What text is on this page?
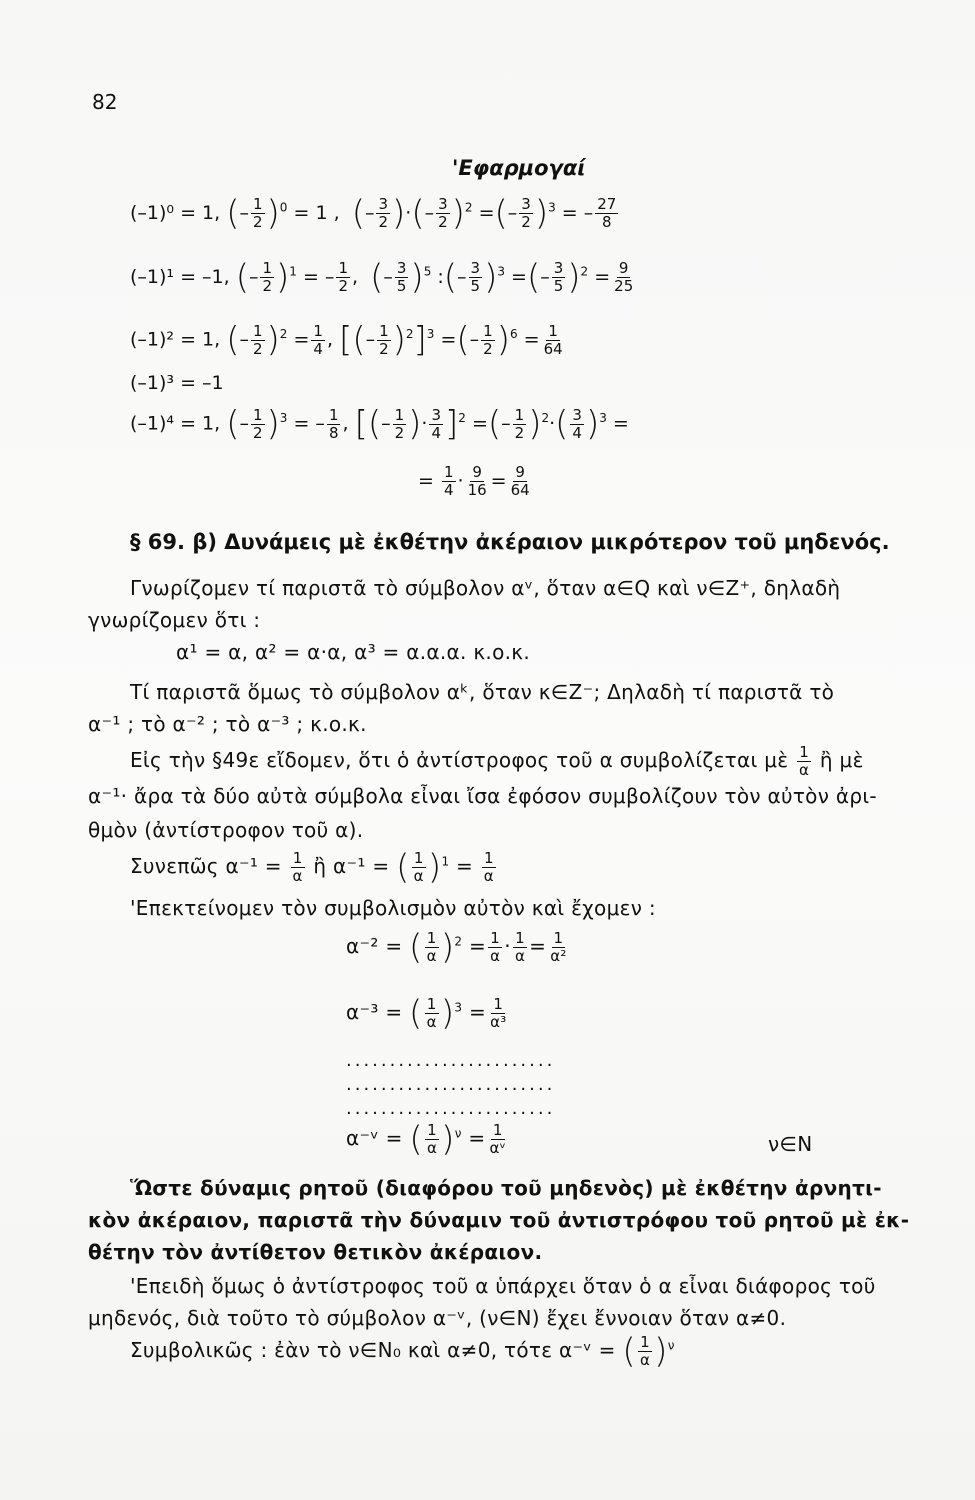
82
'Εφαρμογαί
(–1)⁰ = 1, (– $\frac{1}{2} )^0 = 1$ , (– $\frac{3}{2}$ )·(– $\frac{3}{2} )^2$ =(– $\frac{3}{2} )^3$ = – $\frac{27}{8}$
(–1)¹ = –1, (– $\frac{1}{2} )^1$ = – $\frac{1}{2}$ ,  (– $\frac{3}{5} )^5$ :(– $\frac{3}{5} )^3$ =(– $\frac{3}{5} )^2 = \frac{9}{25}$
(–1)² = 1, (– $\frac{1}{2} )^2 = \frac{1}{4}$ , [(– $\frac{1}{2} )^2]^3$ =(– $\frac{1}{2} )^6 = \frac{1}{64}$
(–1)³ = –1
(–1)⁴ = 1, (– $\frac{1}{2} )^3$ = – $\frac{1}{8}$ , [(– $\frac{1}{2}$ )· $\frac{3}{4} ]^2$ =(– $\frac{1}{2} )^2\cdot( \frac{3}{4} )^3$ =
= $\frac{1}{4} \cdot \frac{9}{16} = \frac{9}{64}$
§ 69. β) Δυνάμεις μὲ ἐκθέτην ἀκέραιον μικρότερον τοῦ μηδενός.
Γνωρίζομεν τί παριστᾶ τὸ σύμβολον αᵛ, ὅταν α∈Q καὶ ν∈Z⁺, δηλαδὴ
γνωρίζομεν ὅτι :
α¹ = α, α² = α·α, α³ = α.α.α. κ.ο.κ.
Τί παριστᾶ ὅμως τὸ σύμβολον αᵏ, ὅταν κ∈Z⁻; Δηλαδὴ τί παριστᾶ τὸ
α⁻¹ ; τὸ α⁻² ; τὸ α⁻³ ; κ.ο.κ.
Εἰς τὴν §49ε εἴδομεν, ὅτι ὁ ἀντίστροφος τοῦ α συμβολίζεται μὲ $\frac{1}{\alpha}$ ἢ μὲ
α⁻¹· ἄρα τὰ δύο αὐτὰ σύμβολα εἶναι ἴσα ἐφόσον συμβολίζουν τὸν αὐτὸν ἀρι-
θμὸν (ἀντίστροφον τοῦ α).
Συνεπῶς $\alpha^{-1} = \frac{1}{\alpha}$ ἢ α⁻¹ = ( $\frac{1}{\alpha} )^1 = \frac{1}{\alpha}$
'Επεκτείνομεν τὸν συμβολισμὸν αὐτὸν καὶ ἔχομεν :
α⁻² = ( $\frac{1}{\alpha} )^2 = \frac{1}{\alpha} \cdot \frac{1}{\alpha} = \frac{1}{\text{α²}}$
α⁻³ = ( $\frac{1}{\alpha} )^3 = \frac{1}{\text{α³}}$
........................
........................
........................
α⁻ᵛ = ( $\frac{1}{\alpha} )^\nu = \frac{1}{\text{αᵛ}}$	ν∈N
Ὥστε δύναμις ρητοῦ (διαφόρου τοῦ μηδενὸς) μὲ ἐκθέτην ἀρνητι-
κὸν ἀκέραιον, παριστᾶ τὴν δύναμιν τοῦ ἀντιστρόφου τοῦ ρητοῦ μὲ ἐκ-
θέτην τὸν ἀντίθετον θετικὸν ἀκέραιον.
'Επειδὴ ὅμως ὁ ἀντίστροφος τοῦ α ὑπάρχει ὅταν ὁ α εἶναι διάφορος τοῦ
μηδενός, διὰ τοῦτο τὸ σύμβολον α⁻ᵛ, (ν∈N) ἔχει ἔννοιαν ὅταν α≠0.
Συμβολικῶς : ἐὰν τὸ ν∈N₀ καὶ α≠0, τότε α⁻ᵛ = ( $\frac{1}{\alpha} )^\nu$
